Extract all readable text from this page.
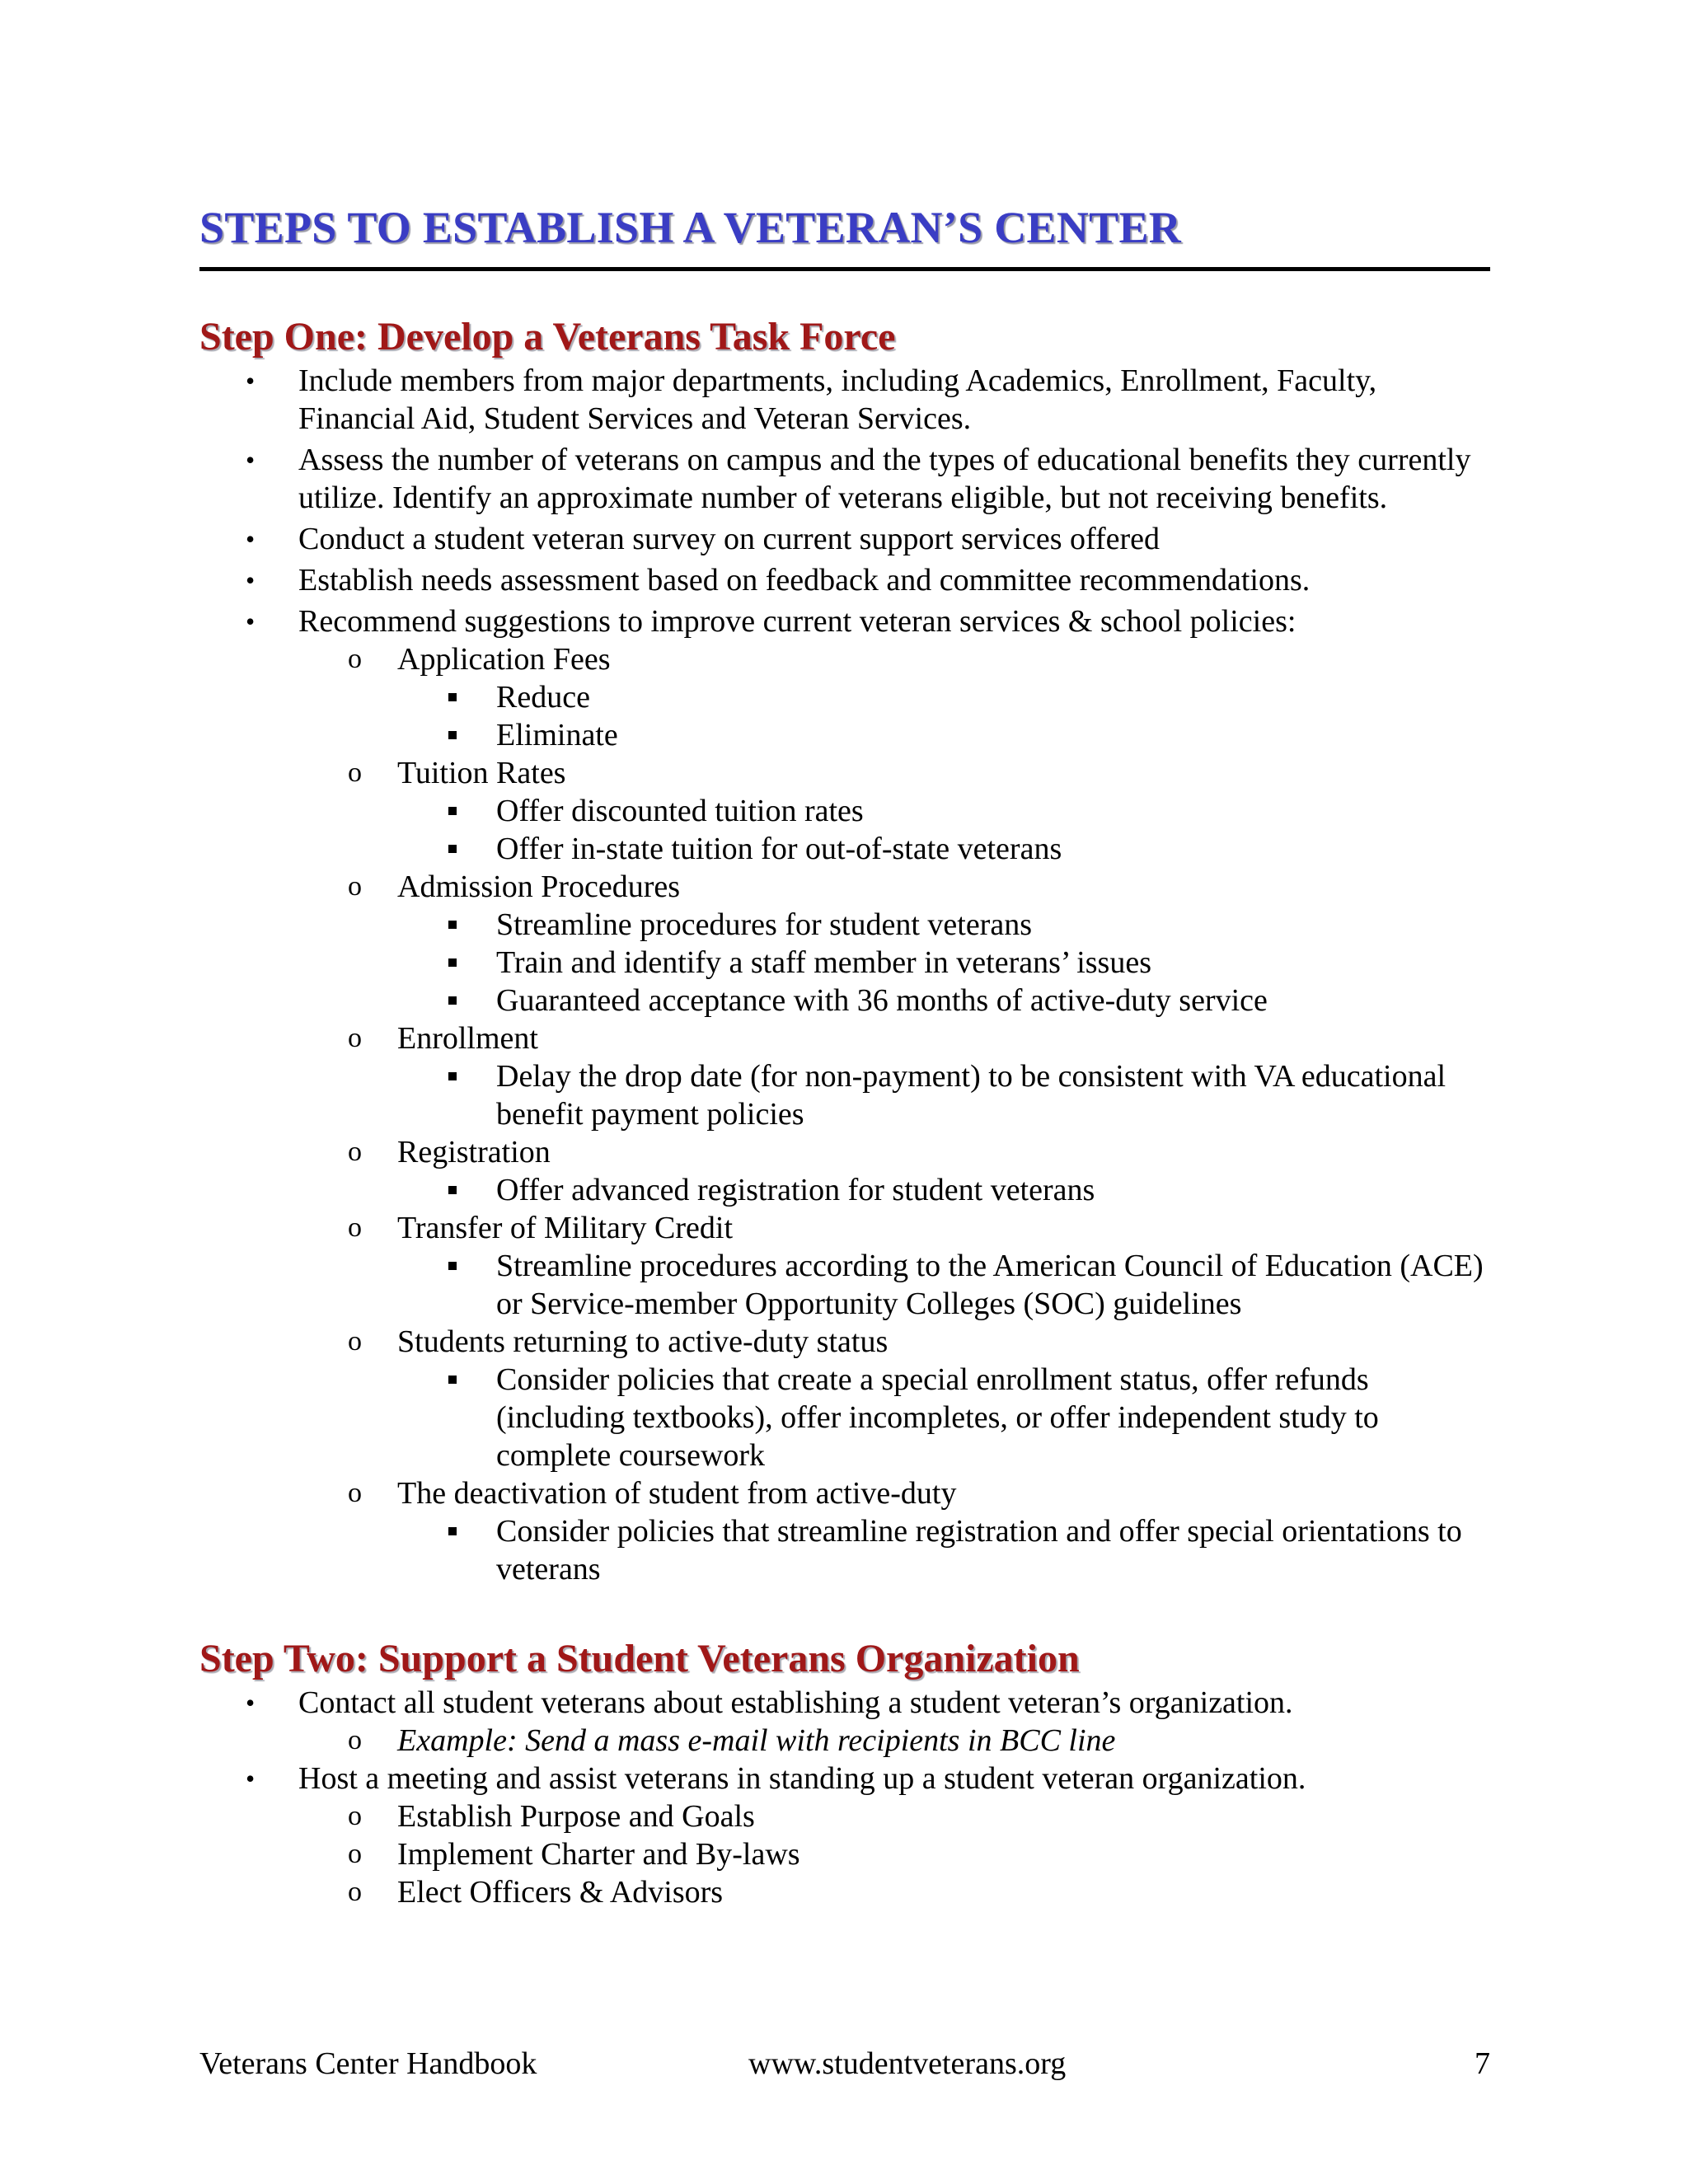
STEPS TO ESTABLISH A VETERAN’S CENTER
Step One: Develop a Veterans Task Force
• Include members from major departments, including Academics, Enrollment, Faculty, Financial Aid, Student Services and Veteran Services.
• Assess the number of veterans on campus and the types of educational benefits they currently utilize. Identify an approximate number of veterans eligible, but not receiving benefits.
• Conduct a student veteran survey on current support services offered
• Establish needs assessment based on feedback and committee recommendations.
• Recommend suggestions to improve current veteran services & school policies:
o Application Fees
Reduce
Eliminate
o Tuition Rates
Offer discounted tuition rates
Offer in-state tuition for out-of-state veterans
o Admission Procedures
Streamline procedures for student veterans
Train and identify a staff member in veterans’ issues
Guaranteed acceptance with 36 months of active-duty service
o Enrollment
Delay the drop date (for non-payment) to be consistent with VA educational benefit payment policies
o Registration
Offer advanced registration for student veterans
o Transfer of Military Credit
Streamline procedures according to the American Council of Education (ACE) or Service-member Opportunity Colleges (SOC) guidelines
o Students returning to active-duty status
Consider policies that create a special enrollment status, offer refunds (including textbooks), offer incompletes, or offer independent study to complete coursework
o The deactivation of student from active-duty
Consider policies that streamline registration and offer special orientations to veterans
Step Two: Support a Student Veterans Organization
• Contact all student veterans about establishing a student veteran’s organization.
o Example: Send a mass e-mail with recipients in BCC line
• Host a meeting and assist veterans in standing up a student veteran organization.
o Establish Purpose and Goals
o Implement Charter and By-laws
o Elect Officers & Advisors
Veterans Center Handbook	www.studentveterans.org	7
